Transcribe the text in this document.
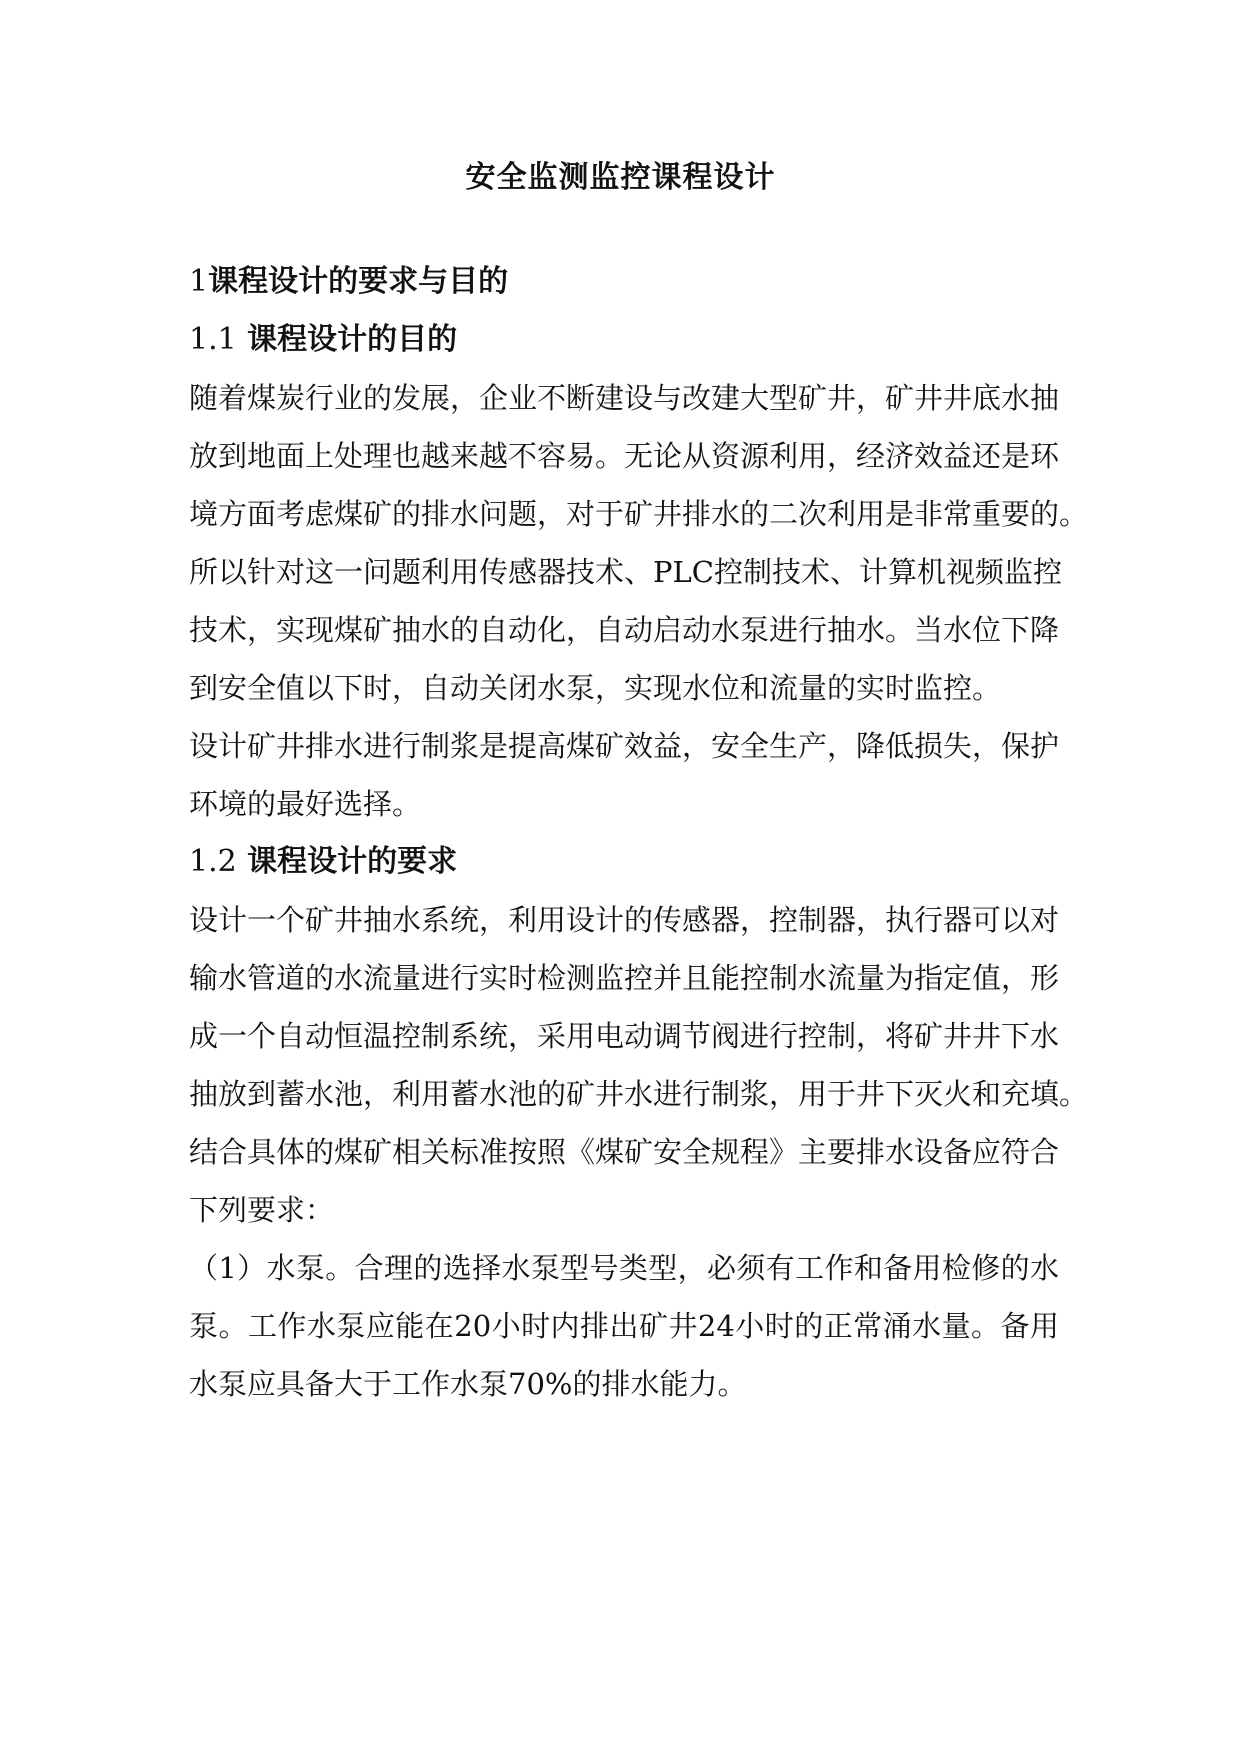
安全监测监控课程设计
1课程设计的要求与目的
1.1 课程设计的目的
随着煤炭行业的发展，企业不断建设与改建大型矿井，矿井井底水抽
放到地面上处理也越来越不容易。无论从资源利用，经济效益还是环
境方面考虑煤矿的排水问题，对于矿井排水的二次利用是非常重要的。
所以针对这一问题利用传感器技术、PLC控制技术、计算机视频监控
技术，实现煤矿抽水的自动化，自动启动水泵进行抽水。当水位下降
到安全值以下时，自动关闭水泵，实现水位和流量的实时监控。
设计矿井排水进行制浆是提高煤矿效益，安全生产，降低损失，保护
环境的最好选择。
1.2 课程设计的要求
设计一个矿井抽水系统，利用设计的传感器，控制器，执行器可以对
输水管道的水流量进行实时检测监控并且能控制水流量为指定值，形
成一个自动恒温控制系统，采用电动调节阀进行控制，将矿井井下水
抽放到蓄水池，利用蓄水池的矿井水进行制浆，用于井下灭火和充填。
结合具体的煤矿相关标准按照《煤矿安全规程》主要排水设备应符合
下列要求：
（1）水泵。合理的选择水泵型号类型，必须有工作和备用检修的水
泵。工作水泵应能在20小时内排出矿井24小时的正常涌水量。备用
水泵应具备大于工作水泵70%的排水能力。
